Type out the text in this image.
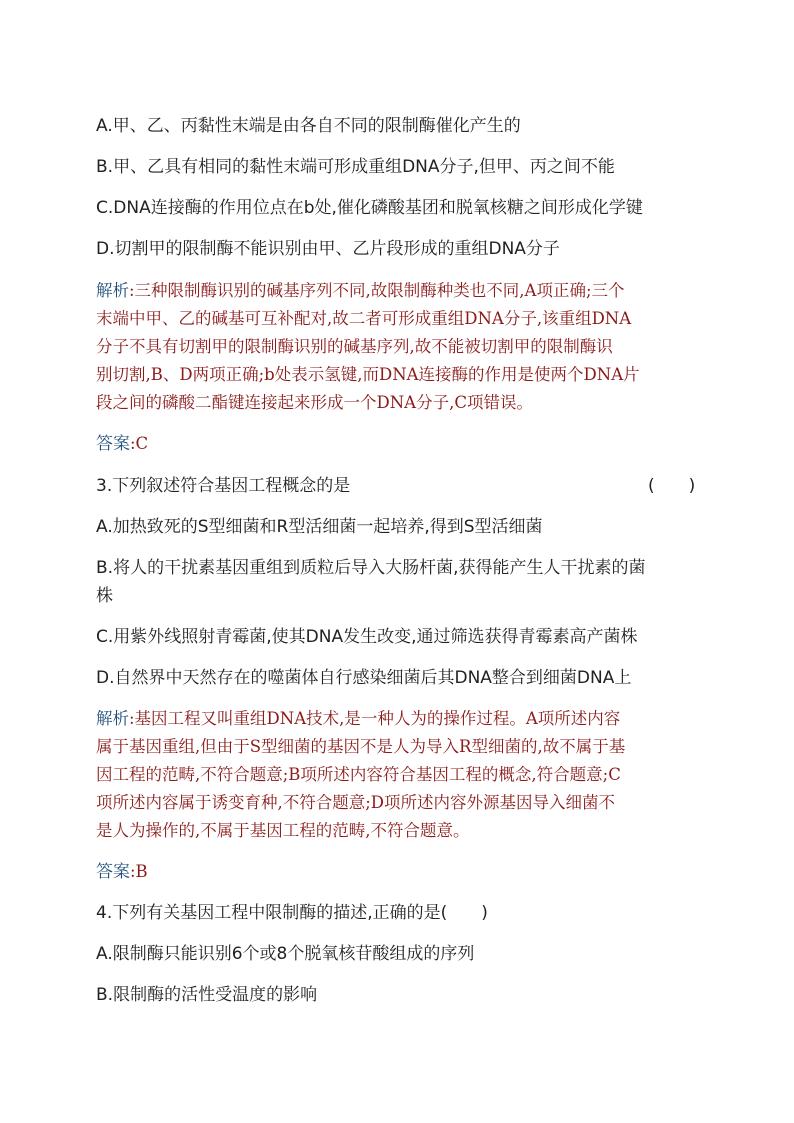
A.甲、乙、丙黏性末端是由各自不同的限制酶催化产生的
B.甲、乙具有相同的黏性末端可形成重组DNA分子,但甲、丙之间不能
C.DNA连接酶的作用位点在b处,催化磷酸基团和脱氧核糖之间形成化学键
D.切割甲的限制酶不能识别由甲、乙片段形成的重组DNA分子
解析:三种限制酶识别的碱基序列不同,故限制酶种类也不同,A项正确;三个
末端中甲、乙的碱基可互补配对,故二者可形成重组DNA分子,该重组DNA
分子不具有切割甲的限制酶识别的碱基序列,故不能被切割甲的限制酶识
别切割,B、D两项正确;b处表示氢键,而DNA连接酶的作用是使两个DNA片
段之间的磷酸二酯键连接起来形成一个DNA分子,C项错误。
答案:C
3.下列叙述符合基因工程概念的是	(　　)
A.加热致死的S型细菌和R型活细菌一起培养,得到S型活细菌
B.将人的干扰素基因重组到质粒后导入大肠杆菌,获得能产生人干扰素的菌
株
C.用紫外线照射青霉菌,使其DNA发生改变,通过筛选获得青霉素高产菌株
D.自然界中天然存在的噬菌体自行感染细菌后其DNA整合到细菌DNA上
解析:基因工程又叫重组DNA技术,是一种人为的操作过程。A项所述内容
属于基因重组,但由于S型细菌的基因不是人为导入R型细菌的,故不属于基
因工程的范畴,不符合题意;B项所述内容符合基因工程的概念,符合题意;C
项所述内容属于诱变育种,不符合题意;D项所述内容外源基因导入细菌不
是人为操作的,不属于基因工程的范畴,不符合题意。
答案:B
4.下列有关基因工程中限制酶的描述,正确的是(　　)
A.限制酶只能识别6个或8个脱氧核苷酸组成的序列
B.限制酶的活性受温度的影响
